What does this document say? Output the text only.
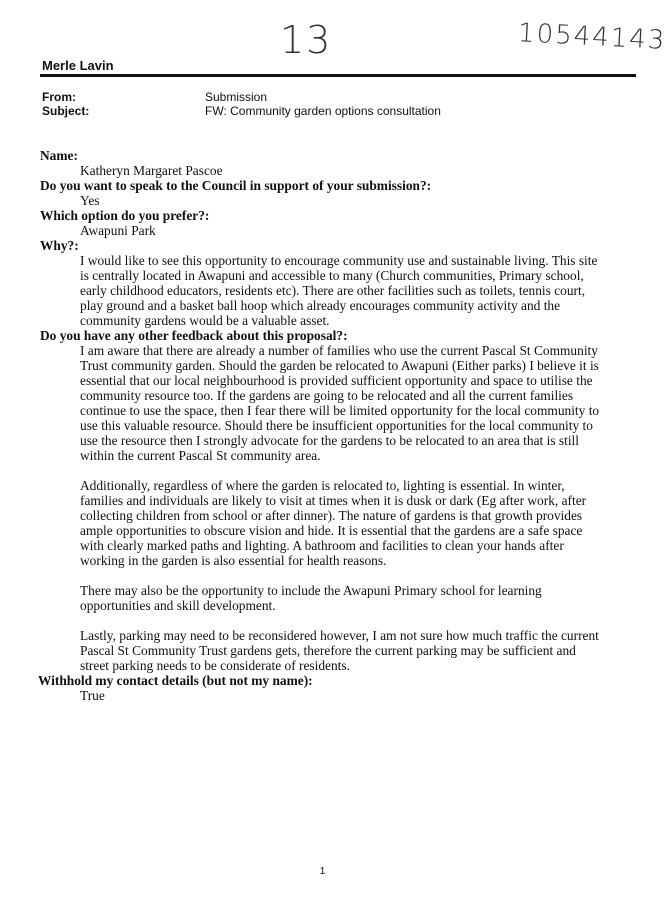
13	10544143
Merle Lavin
From:	Submission
Subject:	FW: Community garden options consultation
Name:
Katheryn Margaret Pascoe
Do you want to speak to the Council in support of your submission?:
Yes
Which option do you prefer?:
Awapuni Park
Why?:
I would like to see this opportunity to encourage community use and sustainable living. This site is centrally located in Awapuni and accessible to many (Church communities, Primary school, early childhood educators, residents etc). There are other facilities such as toilets, tennis court, play ground and a basket ball hoop which already encourages community activity and the community gardens would be a valuable asset.
Do you have any other feedback about this proposal?:
I am aware that there are already a number of families who use the current Pascal St Community Trust community garden. Should the garden be relocated to Awapuni (Either parks) I believe it is essential that our local neighbourhood is provided sufficient opportunity and space to utilise the community resource too. If the gardens are going to be relocated and all the current families continue to use the space, then I fear there will be limited opportunity for the local community to use this valuable resource. Should there be insufficient opportunities for the local community to use the resource then I strongly advocate for the gardens to be relocated to an area that is still within the current Pascal St community area.
Additionally, regardless of where the garden is relocated to, lighting is essential. In winter, families and individuals are likely to visit at times when it is dusk or dark (Eg after work, after collecting children from school or after dinner). The nature of gardens is that growth provides ample opportunities to obscure vision and hide. It is essential that the gardens are a safe space with clearly marked paths and lighting. A bathroom and facilities to clean your hands after working in the garden is also essential for health reasons.
There may also be the opportunity to include the Awapuni Primary school for learning opportunities and skill development.
Lastly, parking may need to be reconsidered however, I am not sure how much traffic the current Pascal St Community Trust gardens gets, therefore the current parking may be sufficient and street parking needs to be considerate of residents.
Withhold my contact details (but not my name):
True
1
